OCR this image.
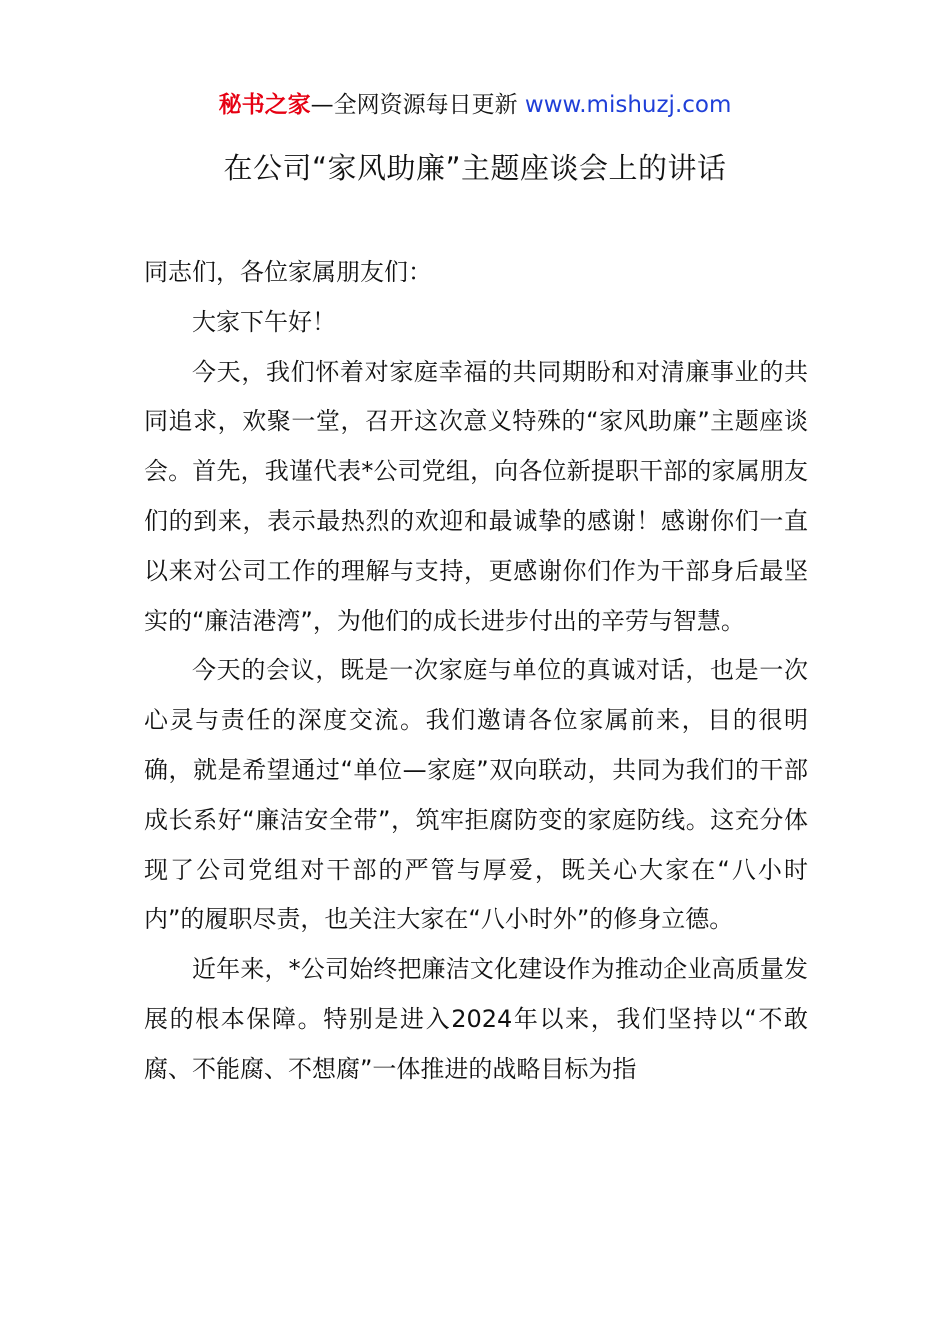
秘书之家—全网资源每日更新 www.mishuzj.com
在公司“家风助廉”主题座谈会上的讲话

同志们，各位家属朋友们：

大家下午好！

今天，我们怀着对家庭幸福的共同期盼和对清廉事业的共同追求，欢聚一堂，召开这次意义特殊的“家风助廉”主题座谈会。首先，我谨代表*公司党组，向各位新提职干部的家属朋友们的到来，表示最热烈的欢迎和最诚挚的感谢！感谢你们一直以来对公司工作的理解与支持，更感谢你们作为干部身后最坚实的“廉洁港湾”，为他们的成长进步付出的辛劳与智慧。

今天的会议，既是一次家庭与单位的真诚对话，也是一次心灵与责任的深度交流。我们邀请各位家属前来，目的很明确，就是希望通过“单位—家庭”双向联动，共同为我们的干部成长系好“廉洁安全带”，筑牢拒腐防变的家庭防线。这充分体现了公司党组对干部的严管与厚爱，既关心大家在“八小时内”的履职尽责，也关注大家在“八小时外”的修身立德。

近年来，*公司始终把廉洁文化建设作为推动企业高质量发展的根本保障。特别是进入2024年以来，我们坚持以“不敢腐、不能腐、不想腐”一体推进的战略目标为指
